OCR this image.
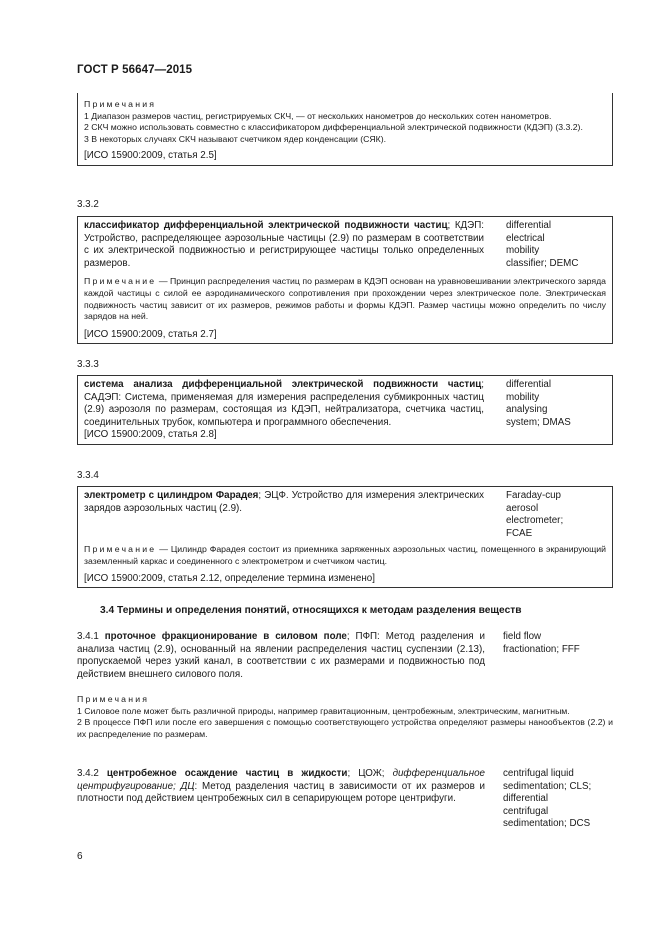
ГОСТ Р 56647—2015

Примечания

1 Диапазон размеров частиц, регистрируемых СКЧ, — от нескольких нанометров до нескольких сотен нанометров.

2 СКЧ можно использовать совместно с классификатором дифференциальной электрической подвижности (КДЭП) (3.3.2).

3 В некоторых случаях СКЧ называют счетчиком ядер конденсации (СЯК).

[ИСО 15900:2009, статья 2.5]
3.3.2
классификатор дифференциальной электрической подвижности частиц; КДЭП: Устройство, распределяющее аэрозольные частицы (2.9) по размерам в соответствии с их электрической подвижностью и регистрирующее частицы только определенных размеров.
differential
electrical
mobility
classifier; DEMC
Примечание — Принцип распределения частиц по размерам в КДЭП основан на уравновешивании электрического заряда каждой частицы с силой ее аэродинамического сопротивления при прохождении через электрическое поле. Электрическая подвижность частиц зависит от их размеров, режимов работы и формы КДЭП. Размер частицы можно определить по числу зарядов на ней.
[ИСО 15900:2009, статья 2.7]
3.3.3
система анализа дифференциальной электрической подвижности частиц; САДЭП: Система, применяемая для измерения распределения субмикронных частиц (2.9) аэрозоля по размерам, состоящая из КДЭП, нейтрализатора, счетчика частиц, соединительных трубок, компьютера и программного обеспечения.
differential
mobility
analysing
system; DMAS
[ИСО 15900:2009, статья 2.8]
3.3.4
электрометр с цилиндром Фарадея; ЭЦФ. Устройство для измерения электрических зарядов аэрозольных частиц (2.9).
Faraday-cup
aerosol
electrometer;
FCAE
Примечание — Цилиндр Фарадея состоит из приемника заряженных аэрозольных частиц, помещенного в экранирующий заземленный каркас и соединенного с электрометром и счетчиком частиц.
[ИСО 15900:2009, статья 2.12, определение термина изменено]
3.4 Термины и определения понятий, относящихся к методам разделения веществ
3.4.1 проточное фракционирование в силовом поле; ПФП: Метод разделения и анализа частиц (2.9), основанный на явлении распределения частиц суспензии (2.13), пропускаемой через узкий канал, в соответствии с их размерами и подвижностью под действием внешнего силового поля.
field flow
fractionation; FFF

Примечания

1 Силовое поле может быть различной природы, например гравитационным, центробежным, электрическим, магнитным.

2 В процессе ПФП или после его завершения с помощью соответствующего устройства определяют размеры нанообъектов (2.2) и их распределение по размерам.

3.4.2 центробежное осаждение частиц в жидкости; ЦОЖ; дифференциальное центрифугирование; ДЦ: Метод разделения частиц в зависимости от их размеров и плотности под действием центробежных сил в сепарирующем роторе центрифуги.
centrifugal liquid
sedimentation; CLS;
differential
centrifugal
sedimentation; DCS
6
